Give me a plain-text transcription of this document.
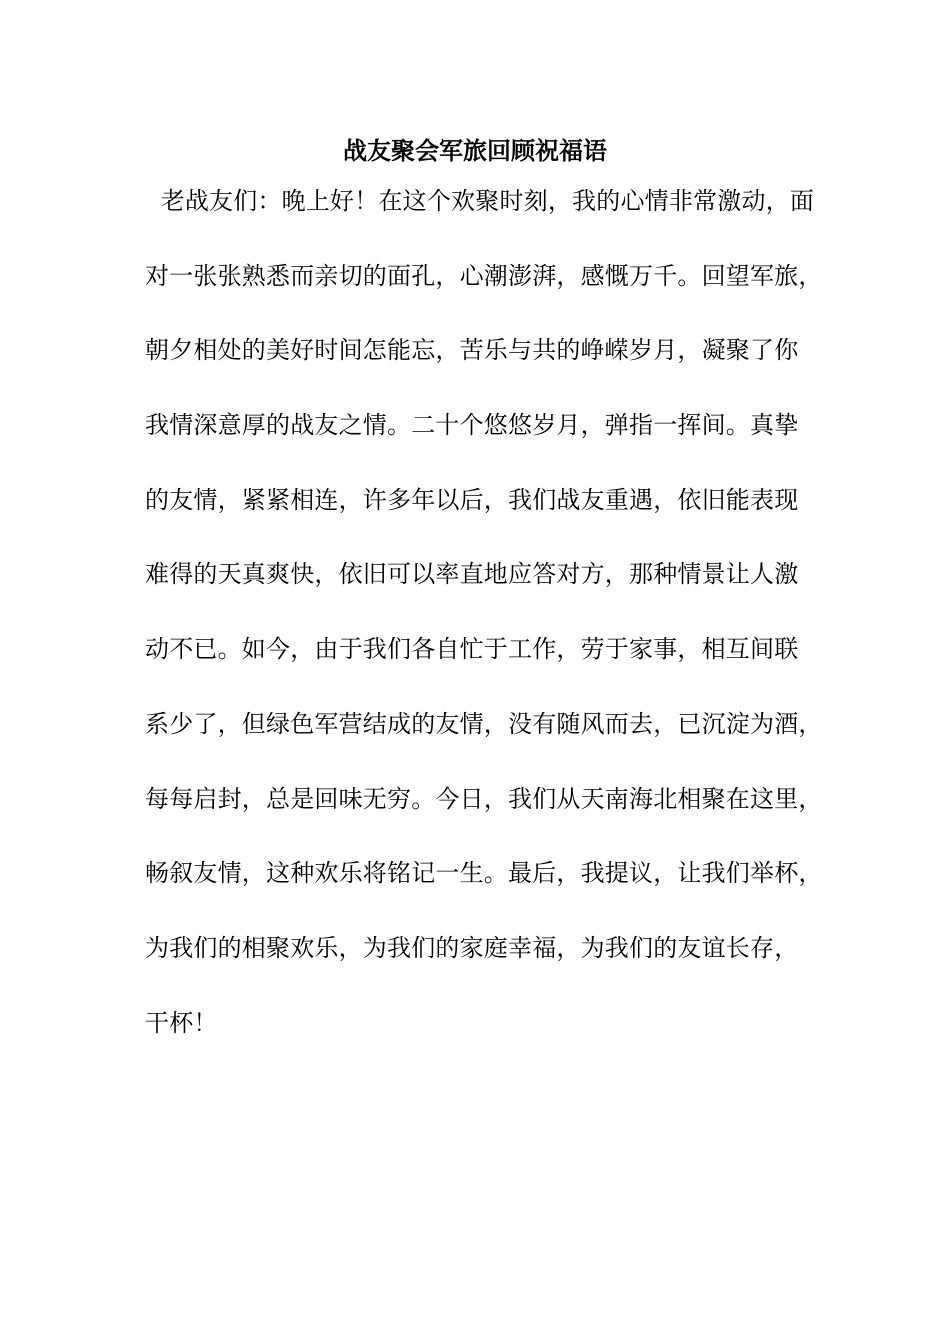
战友聚会军旅回顾祝福语
老战友们：晚上好！在这个欢聚时刻，我的心情非常激动，面
对一张张熟悉而亲切的面孔，心潮澎湃，感慨万千。回望军旅，
朝夕相处的美好时间怎能忘，苦乐与共的峥嵘岁月，凝聚了你
我情深意厚的战友之情。二十个悠悠岁月，弹指一挥间。真挚
的友情，紧紧相连，许多年以后，我们战友重遇，依旧能表现
难得的天真爽快，依旧可以率直地应答对方，那种情景让人激
动不已。如今，由于我们各自忙于工作，劳于家事，相互间联
系少了，但绿色军营结成的友情，没有随风而去，已沉淀为酒，
每每启封，总是回味无穷。今日，我们从天南海北相聚在这里，
畅叙友情，这种欢乐将铭记一生。最后，我提议，让我们举杯，
为我们的相聚欢乐，为我们的家庭幸福，为我们的友谊长存，
干杯！
